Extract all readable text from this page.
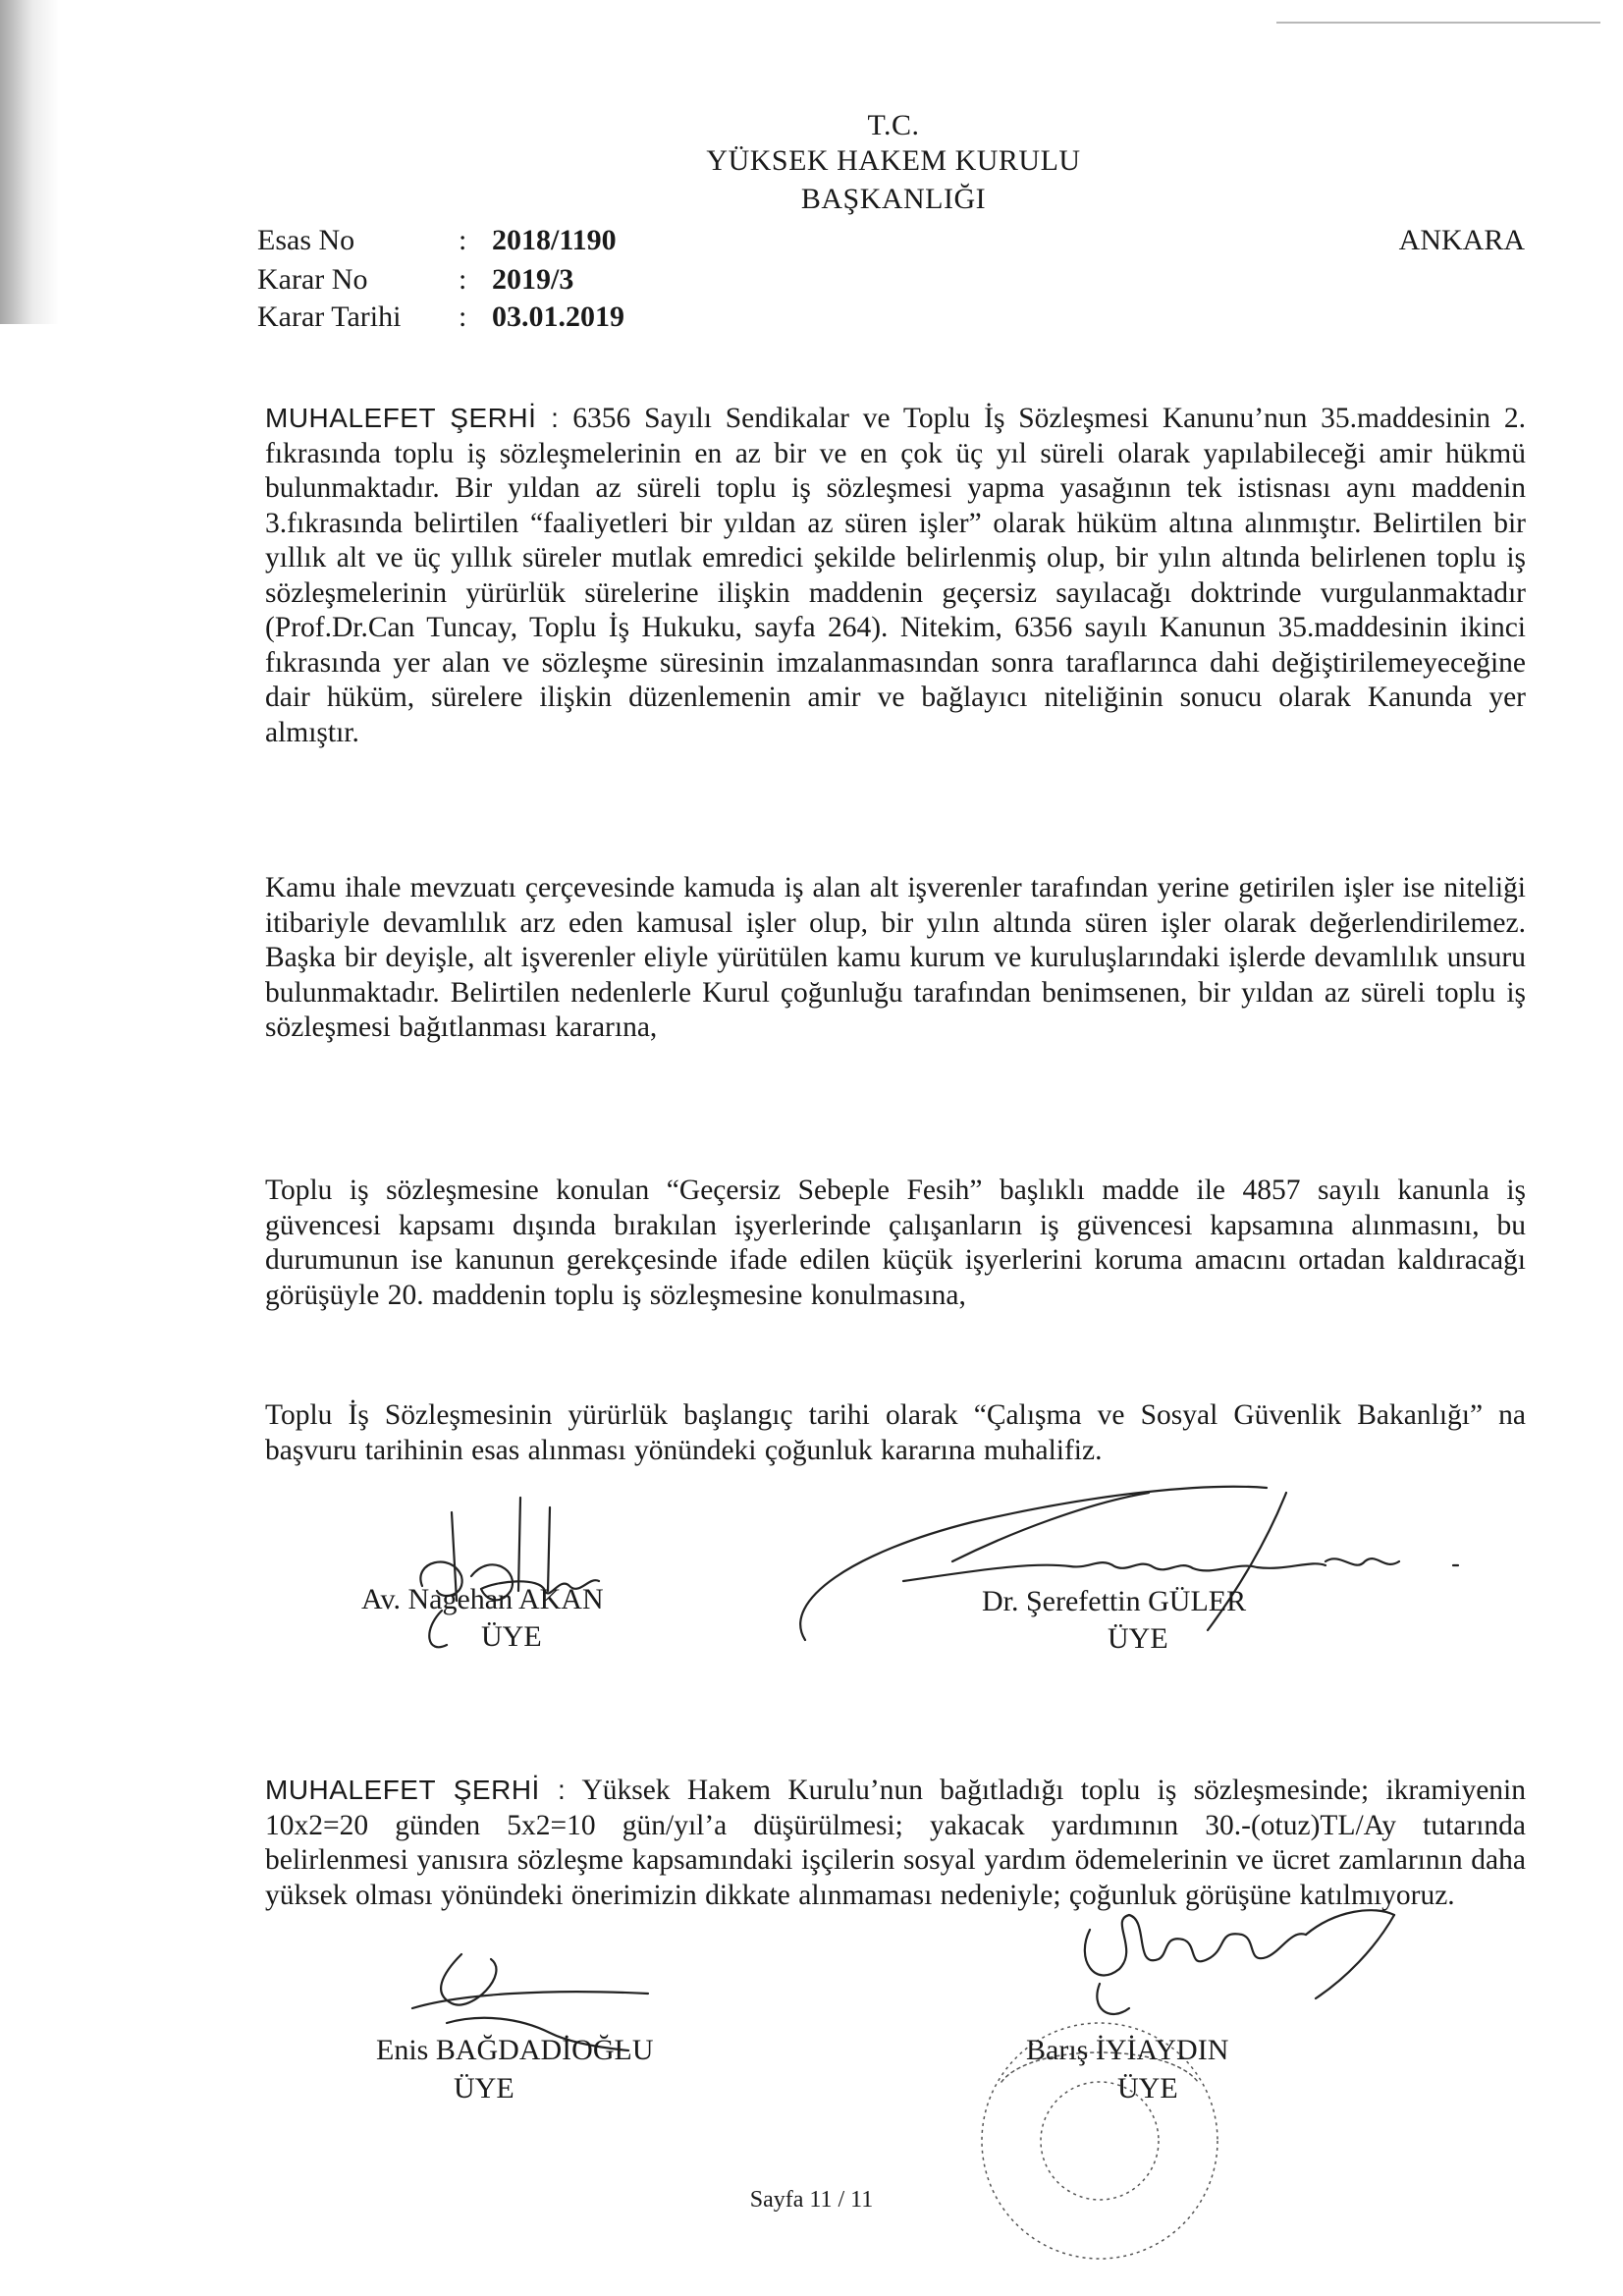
T.C.
YÜKSEK HAKEM KURULU
BAŞKANLIĞI
ANKARA
Esas No	: 2018/1190
Karar No	: 2019/3
Karar Tarihi : 03.01.2019
MUHALEFET ŞERHİ : 6356 Sayılı Sendikalar ve Toplu İş Sözleşmesi Kanunu’nun 35.maddesinin 2. fıkrasında toplu iş sözleşmelerinin en az bir ve en çok üç yıl süreli olarak yapılabileceği amir hükmü bulunmaktadır. Bir yıldan az süreli toplu iş sözleşmesi yapma yasağının tek istisnası aynı maddenin 3.fıkrasında belirtilen “faaliyetleri bir yıldan az süren işler” olarak hüküm altına alınmıştır. Belirtilen bir yıllık alt ve üç yıllık süreler mutlak emredici şekilde belirlenmiş olup, bir yılın altında belirlenen toplu iş sözleşmelerinin yürürlük sürelerine ilişkin maddenin geçersiz sayılacağı doktrinde vurgulanmaktadır (Prof.Dr.Can Tuncay, Toplu İş Hukuku, sayfa 264). Nitekim, 6356 sayılı Kanunun 35.maddesinin ikinci fıkrasında yer alan ve sözleşme süresinin imzalanmasından sonra taraflarınca dahi değiştirilemeyeceğine dair hüküm, sürelere ilişkin düzenlemenin amir ve bağlayıcı niteliğinin sonucu olarak Kanunda yer almıştır.
Kamu ihale mevzuatı çerçevesinde kamuda iş alan alt işverenler tarafından yerine getirilen işler ise niteliği itibariyle devamlılık arz eden kamusal işler olup, bir yılın altında süren işler olarak değerlendirilemez. Başka bir deyişle, alt işverenler eliyle yürütülen kamu kurum ve kuruluşlarındaki işlerde devamlılık unsuru bulunmaktadır. Belirtilen nedenlerle Kurul çoğunluğu tarafından benimsenen, bir yıldan az süreli toplu iş sözleşmesi bağıtlanması kararına,
Toplu iş sözleşmesine konulan “Geçersiz Sebeple Fesih” başlıklı madde ile 4857 sayılı kanunla iş güvencesi kapsamı dışında bırakılan işyerlerinde çalışanların iş güvencesi kapsamına alınmasını, bu durumunun ise kanunun gerekçesinde ifade edilen küçük işyerlerini koruma amacını ortadan kaldıracağı görüşüyle 20. maddenin toplu iş sözleşmesine konulmasına,
Toplu İş Sözleşmesinin yürürlük başlangıç tarihi olarak “Çalışma ve Sosyal Güvenlik Bakanlığı” na başvuru tarihinin esas alınması yönündeki çoğunluk kararına muhalifiz.
Av. Nagehan AKAN
ÜYE
Dr. Şerefettin GÜLER
ÜYE
MUHALEFET ŞERHİ : Yüksek Hakem Kurulu’nun bağıtladığı toplu iş sözleşmesinde; ikramiyenin 10x2=20 günden 5x2=10 gün/yıl’a düşürülmesi; yakacak yardımının 30.-(otuz)TL/Ay tutarında belirlenmesi yanısıra sözleşme kapsamındaki işçilerin sosyal yardım ödemelerinin ve ücret zamlarının daha yüksek olması yönündeki önerimizin dikkate alınmaması nedeniyle; çoğunluk görüşüne katılmıyoruz.
Enis BAĞDADİOĞLU
ÜYE
Barış İYİAYDIN
ÜYE
Sayfa 11 / 11
